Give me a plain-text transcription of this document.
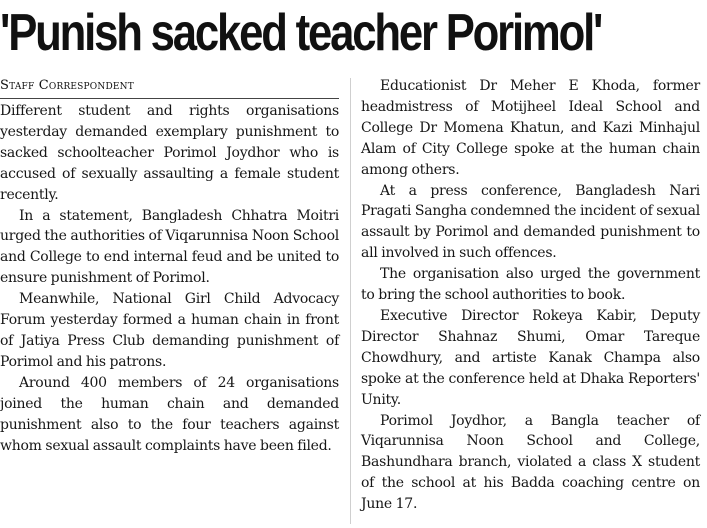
'Punish sacked teacher Porimol'
Staff Correspondent

Different student and rights organisations yesterday demanded exemplary punishment to sacked schoolteacher Porimol Joydhor who is accused of sexually assaulting a female student recently.

In a statement, Bangladesh Chhatra Moitri urged the authorities of Viqarunnisa Noon School and College to end internal feud and be united to ensure punishment of Porimol.

Meanwhile, National Girl Child Advocacy Forum yesterday formed a human chain in front of Jatiya Press Club demanding punishment of Porimol and his patrons.

Around 400 members of 24 organisations joined the human chain and demanded punishment also to the four teachers against whom sexual assault complaints have been filed.

Educationist Dr Meher E Khoda, former headmistress of Motijheel Ideal School and College Dr Momena Khatun, and Kazi Minhajul Alam of City College spoke at the human chain among others.

At a press conference, Bangladesh Nari Pragati Sangha condemned the incident of sexual assault by Porimol and demanded punishment to all involved in such offences.

The organisation also urged the government to bring the school authorities to book.

Executive Director Rokeya Kabir, Deputy Director Shahnaz Shumi, Omar Tareque Chowdhury, and artiste Kanak Champa also spoke at the conference held at Dhaka Reporters' Unity.

Porimol Joydhor, a Bangla teacher of Viqarunnisa Noon School and College, Bashundhara branch, violated a class X student of the school at his Badda coaching centre on June 17.
